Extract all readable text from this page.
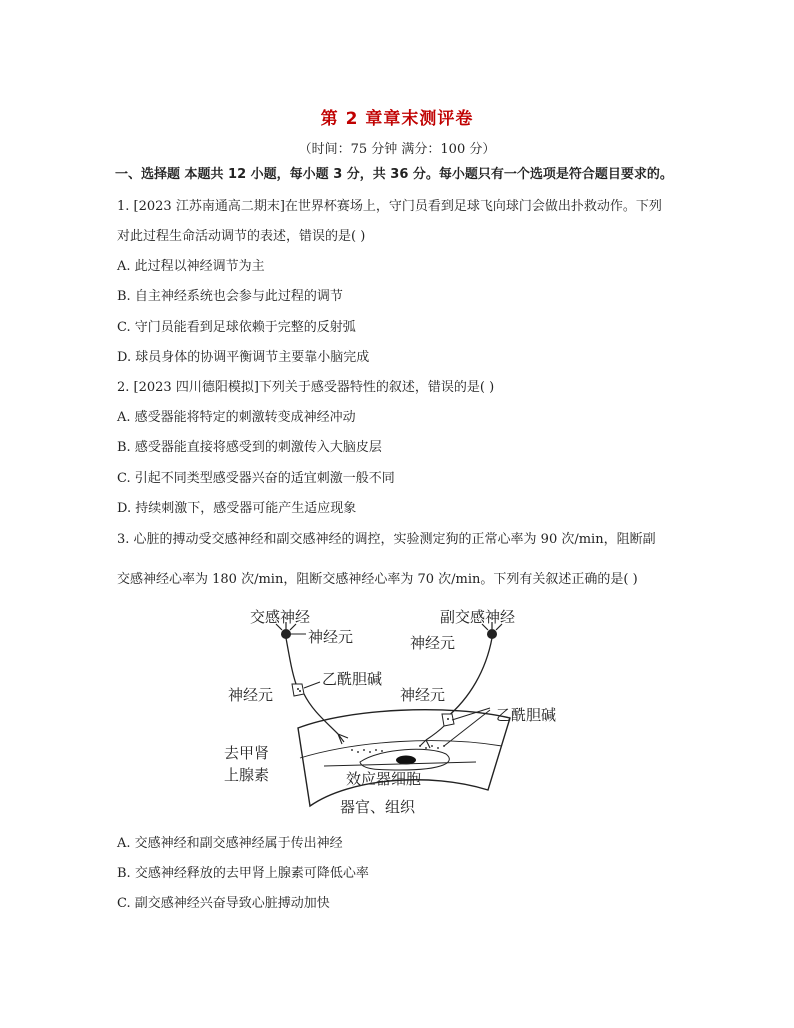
第 2 章章末测评卷
（时间：75 分钟 满分：100 分）
一、选择题 本题共 12 小题，每小题 3 分，共 36 分。每小题只有一个选项是符合题目要求的。
1. [2023 江苏南通高二期末]在世界杯赛场上，守门员看到足球飞向球门会做出扑救动作。下列
对此过程生命活动调节的表述，错误的是( )
A. 此过程以神经调节为主
B. 自主神经系统也会参与此过程的调节
C. 守门员能看到足球依赖于完整的反射弧
D. 球员身体的协调平衡调节主要靠小脑完成
2. [2023 四川德阳模拟]下列关于感受器特性的叙述，错误的是( )
A. 感受器能将特定的刺激转变成神经冲动
B. 感受器能直接将感受到的刺激传入大脑皮层
C. 引起不同类型感受器兴奋的适宜刺激一般不同
D. 持续刺激下，感受器可能产生适应现象
3. 心脏的搏动受交感神经和副交感神经的调控，实验测定狗的正常心率为 90 次/min，阻断副
交感神经心率为 180 次/min，阻断交感神经心率为 70 次/min。下列有关叙述正确的是( )
交感神经
神经元
副交感神经
神经元
乙酰胆碱
神经元	神经元
乙酰胆碱
去甲肾
上腺素	效应器细胞
器官、组织
A. 交感神经和副交感神经属于传出神经
B. 交感神经释放的去甲肾上腺素可降低心率
C. 副交感神经兴奋导致心脏搏动加快
